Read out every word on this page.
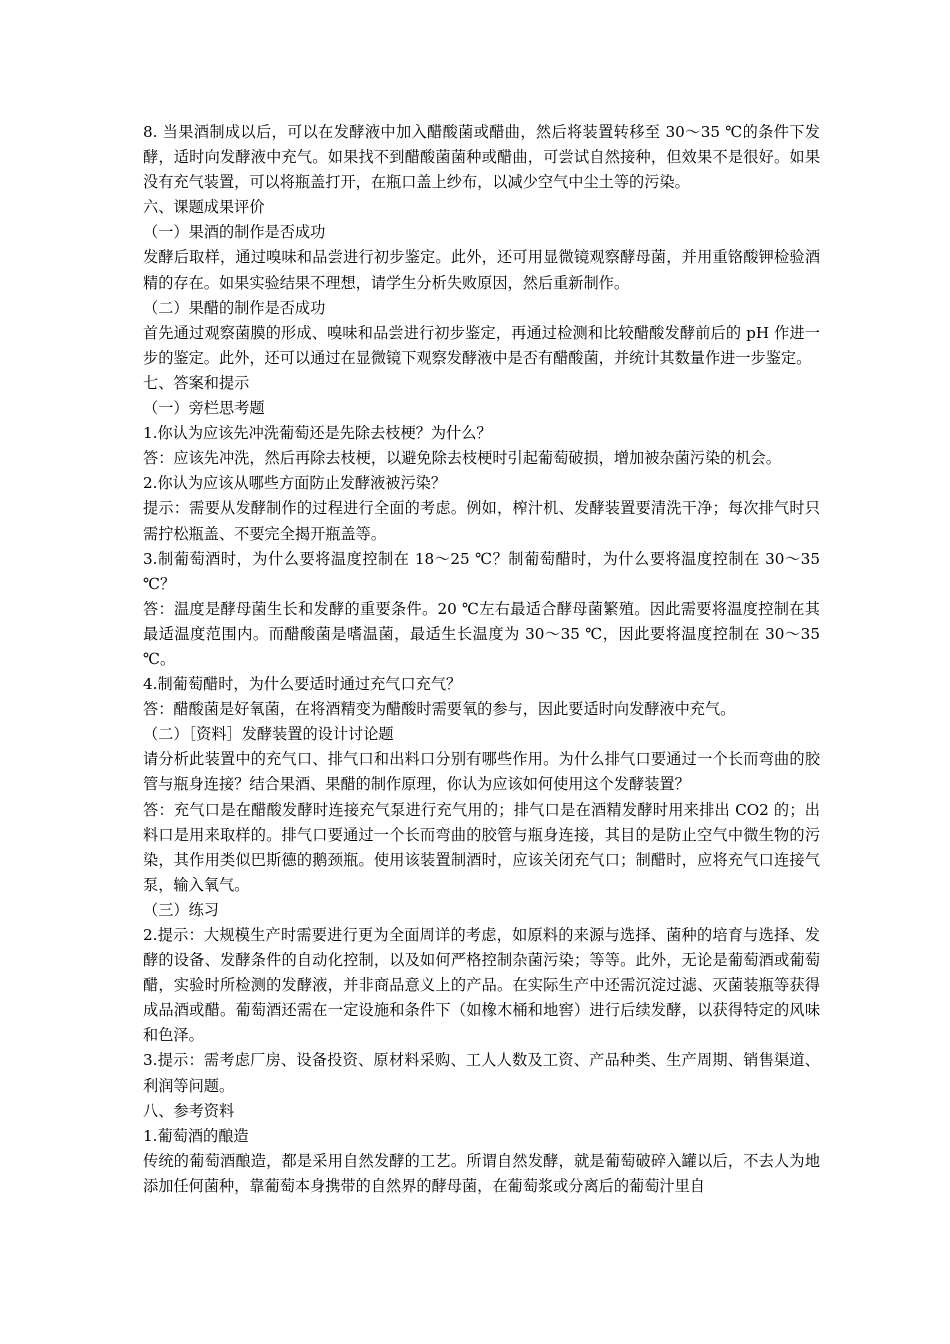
8. 当果酒制成以后，可以在发酵液中加入醋酸菌或醋曲，然后将装置转移至 30～35 ℃的条件下发酵，适时向发酵液中充气。如果找不到醋酸菌菌种或醋曲，可尝试自然接种，但效果不是很好。如果没有充气装置，可以将瓶盖打开，在瓶口盖上纱布，以减少空气中尘土等的污染。

六、课题成果评价

（一）果酒的制作是否成功

发酵后取样，通过嗅味和品尝进行初步鉴定。此外，还可用显微镜观察酵母菌，并用重铬酸钾检验酒精的存在。如果实验结果不理想，请学生分析失败原因，然后重新制作。

（二）果醋的制作是否成功

首先通过观察菌膜的形成、嗅味和品尝进行初步鉴定，再通过检测和比较醋酸发酵前后的 pH 作进一步的鉴定。此外，还可以通过在显微镜下观察发酵液中是否有醋酸菌，并统计其数量作进一步鉴定。

七、答案和提示

（一）旁栏思考题

1.你认为应该先冲洗葡萄还是先除去枝梗？为什么？

答：应该先冲洗，然后再除去枝梗，以避免除去枝梗时引起葡萄破损，增加被杂菌污染的机会。

2.你认为应该从哪些方面防止发酵液被污染？

提示：需要从发酵制作的过程进行全面的考虑。例如，榨汁机、发酵装置要清洗干净；每次排气时只需拧松瓶盖、不要完全揭开瓶盖等。

3.制葡萄酒时，为什么要将温度控制在 18～25 ℃？制葡萄醋时，为什么要将温度控制在 30～35 ℃？

答：温度是酵母菌生长和发酵的重要条件。20 ℃左右最适合酵母菌繁殖。因此需要将温度控制在其最适温度范围内。而醋酸菌是嗜温菌，最适生长温度为 30～35 ℃，因此要将温度控制在 30～35 ℃。

4.制葡萄醋时，为什么要适时通过充气口充气？

答：醋酸菌是好氧菌，在将酒精变为醋酸时需要氧的参与，因此要适时向发酵液中充气。

（二）［资料］发酵装置的设计讨论题

请分析此装置中的充气口、排气口和出料口分别有哪些作用。为什么排气口要通过一个长而弯曲的胶管与瓶身连接？结合果酒、果醋的制作原理，你认为应该如何使用这个发酵装置？

答：充气口是在醋酸发酵时连接充气泵进行充气用的；排气口是在酒精发酵时用来排出 CO2 的；出料口是用来取样的。排气口要通过一个长而弯曲的胶管与瓶身连接，其目的是防止空气中微生物的污染，其作用类似巴斯德的鹅颈瓶。使用该装置制酒时，应该关闭充气口；制醋时，应将充气口连接气泵，输入氧气。

（三）练习

2.提示：大规模生产时需要进行更为全面周详的考虑，如原料的来源与选择、菌种的培育与选择、发酵的设备、发酵条件的自动化控制，以及如何严格控制杂菌污染；等等。此外，无论是葡萄酒或葡萄醋，实验时所检测的发酵液，并非商品意义上的产品。在实际生产中还需沉淀过滤、灭菌装瓶等获得成品酒或醋。葡萄酒还需在一定设施和条件下（如橡木桶和地窖）进行后续发酵，以获得特定的风味和色泽。

3.提示：需考虑厂房、设备投资、原材料采购、工人人数及工资、产品种类、生产周期、销售渠道、利润等问题。

八、参考资料

1.葡萄酒的酿造

传统的葡萄酒酿造，都是采用自然发酵的工艺。所谓自然发酵，就是葡萄破碎入罐以后，不去人为地添加任何菌种，靠葡萄本身携带的自然界的酵母菌，在葡萄浆或分离后的葡萄汁里自
